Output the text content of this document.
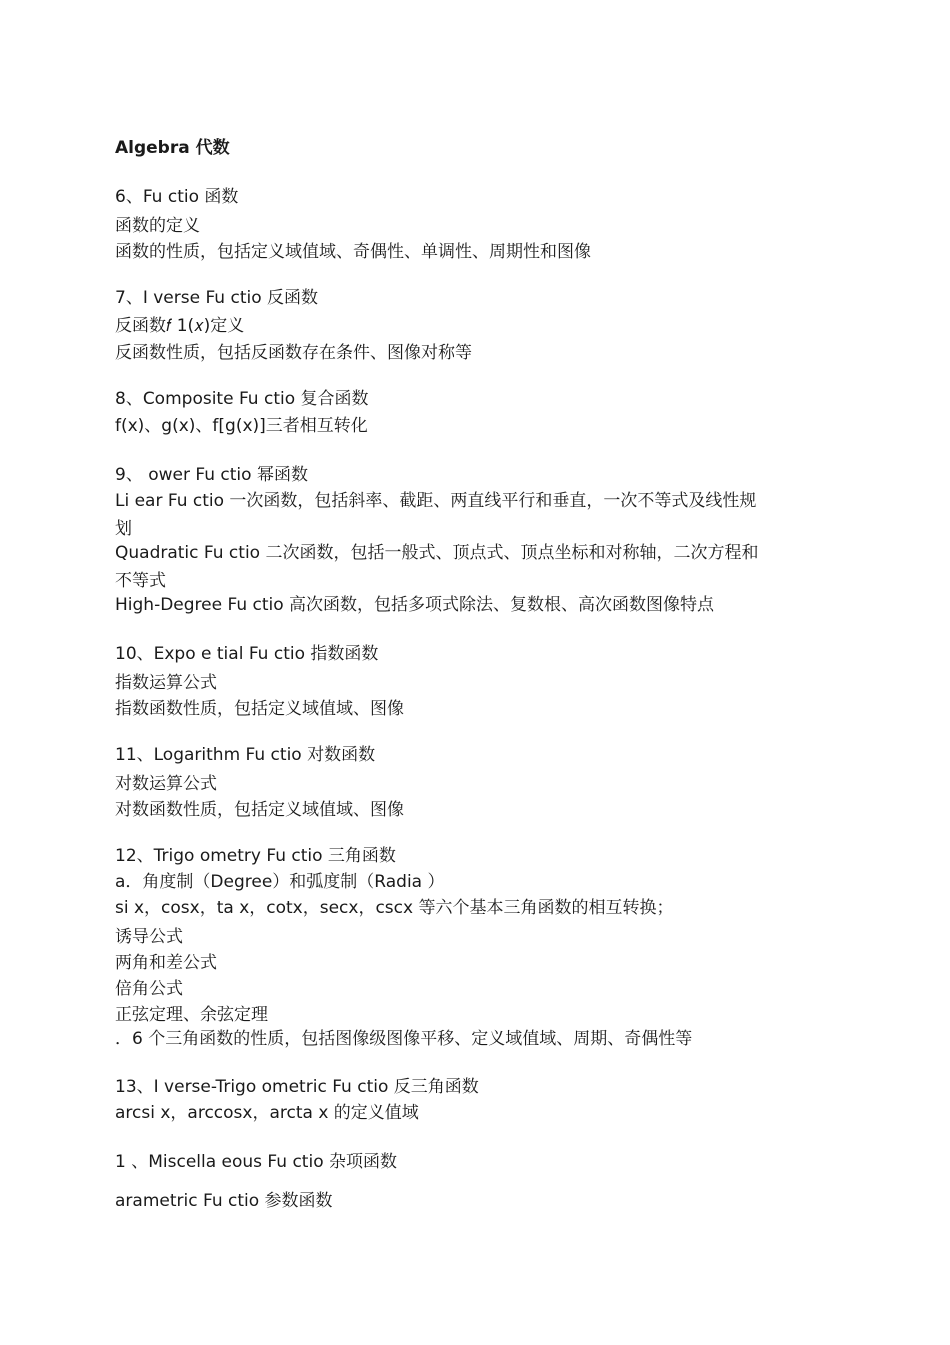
Algebra 代数
6、Fu ctio 函数
函数的定义
函数的性质，包括定义域值域、奇偶性、单调性、周期性和图像
7、I verse Fu ctio 反函数
反函数𝑓 1(𝑥)定义
反函数性质，包括反函数存在条件、图像对称等
8、Composite Fu ctio 复合函数
f(x)、g(x)、f[g(x)]三者相互转化
9、 ower Fu ctio 幂函数
Li ear Fu ctio 一次函数，包括斜率、截距、两直线平行和垂直，一次不等式及线性规
划
Quadratic Fu ctio 二次函数，包括一般式、顶点式、顶点坐标和对称轴，二次方程和
不等式
High-Degree Fu ctio 高次函数，包括多项式除法、复数根、高次函数图像特点
10、Expo e tial Fu ctio 指数函数
指数运算公式
指数函数性质，包括定义域值域、图像
11、Logarithm Fu ctio 对数函数
对数运算公式
对数函数性质，包括定义域值域、图像
12、Trigo ometry Fu ctio 三角函数
a．角度制（Degree）和弧度制（Radia ）
si x，cosx，ta x，cotx，secx，cscx 等六个基本三角函数的相互转换；
诱导公式
两角和差公式
倍角公式
正弦定理、余弦定理
．6 个三角函数的性质，包括图像级图像平移、定义域值域、周期、奇偶性等
13、I verse-Trigo ometric Fu ctio 反三角函数
arcsi x，arccosx，arcta x 的定义值域
1 、Miscella eous Fu ctio 杂项函数
arametric Fu ctio 参数函数
